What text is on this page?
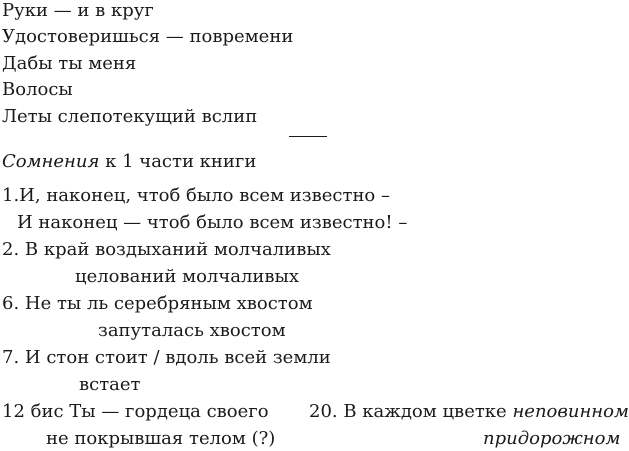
Руки — и в круг
Удостоверишься — повремени
Дабы ты меня
Волосы
Леты слепотекущий вслип
Сомнения к 1 части книги
1.И, наконец, чтоб было всем известно –
И наконец — чтоб было всем известно! –
2. В край воздыханий молчаливых
целований молчаливых
6. Не ты ль серебряным хвостом
запуталась хвостом
7. И стон стоит / вдоль всей земли
встает
12 бис Ты — гордеца своего
не покрывшая телом (?)
20. В каждом цветке неповинном
придорожном
